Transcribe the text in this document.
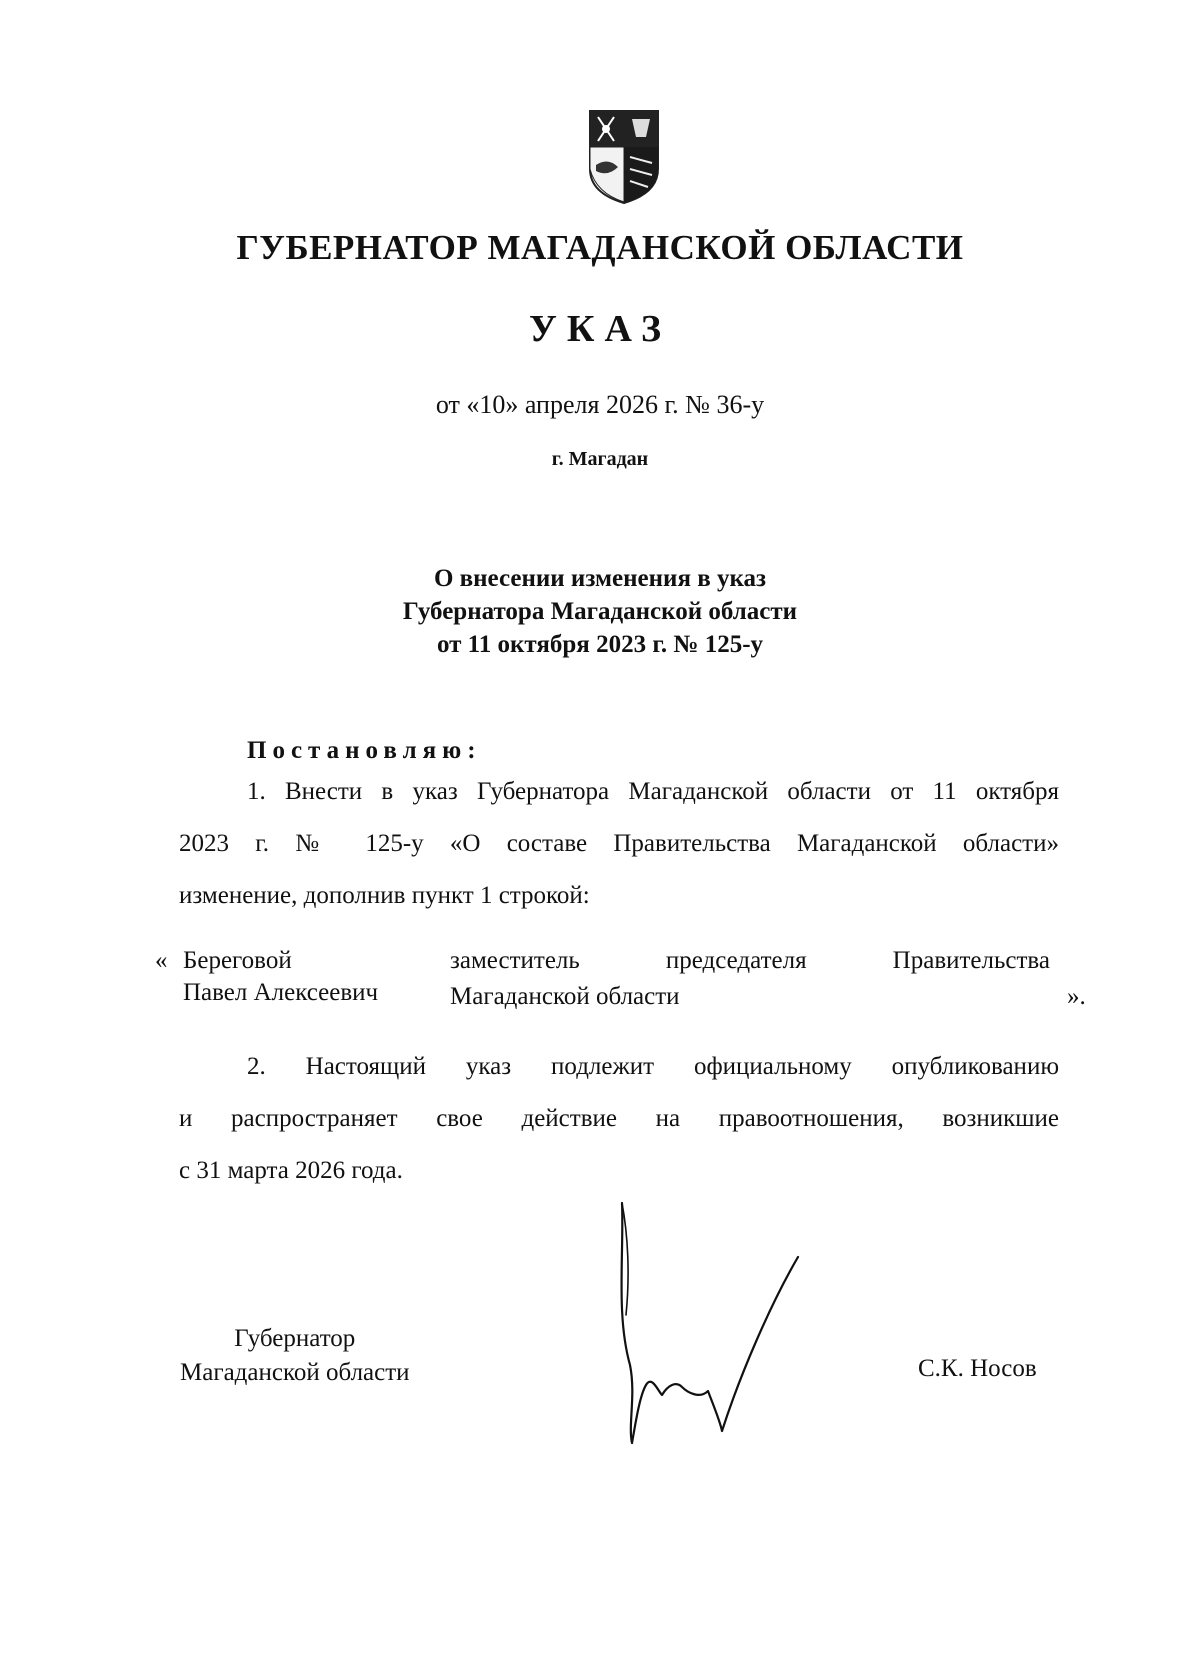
ГУБЕРНАТОР МАГАДАНСКОЙ ОБЛАСТИ
УКАЗ
от «10» апреля 2026 г. № 36-у
г. Магадан
О внесении изменения в указ
Губернатора Магаданской области
от 11 октября 2023 г. № 125-у
Постановляю:
1. Внести в указ Губернатора Магаданской области от 11 октября
2023 г. № 125-у «О составе Правительства Магаданской области»
изменение, дополнив пункт 1 строкой:
« Береговой
Павел Алексеевич
заместитель председателя Правительства
Магаданской области	».
2. Настоящий указ подлежит официальному опубликованию
и распространяет свое действие на правоотношения, возникшие
с 31 марта 2026 года.
Губернатор
Магаданской области	С.К. Носов
